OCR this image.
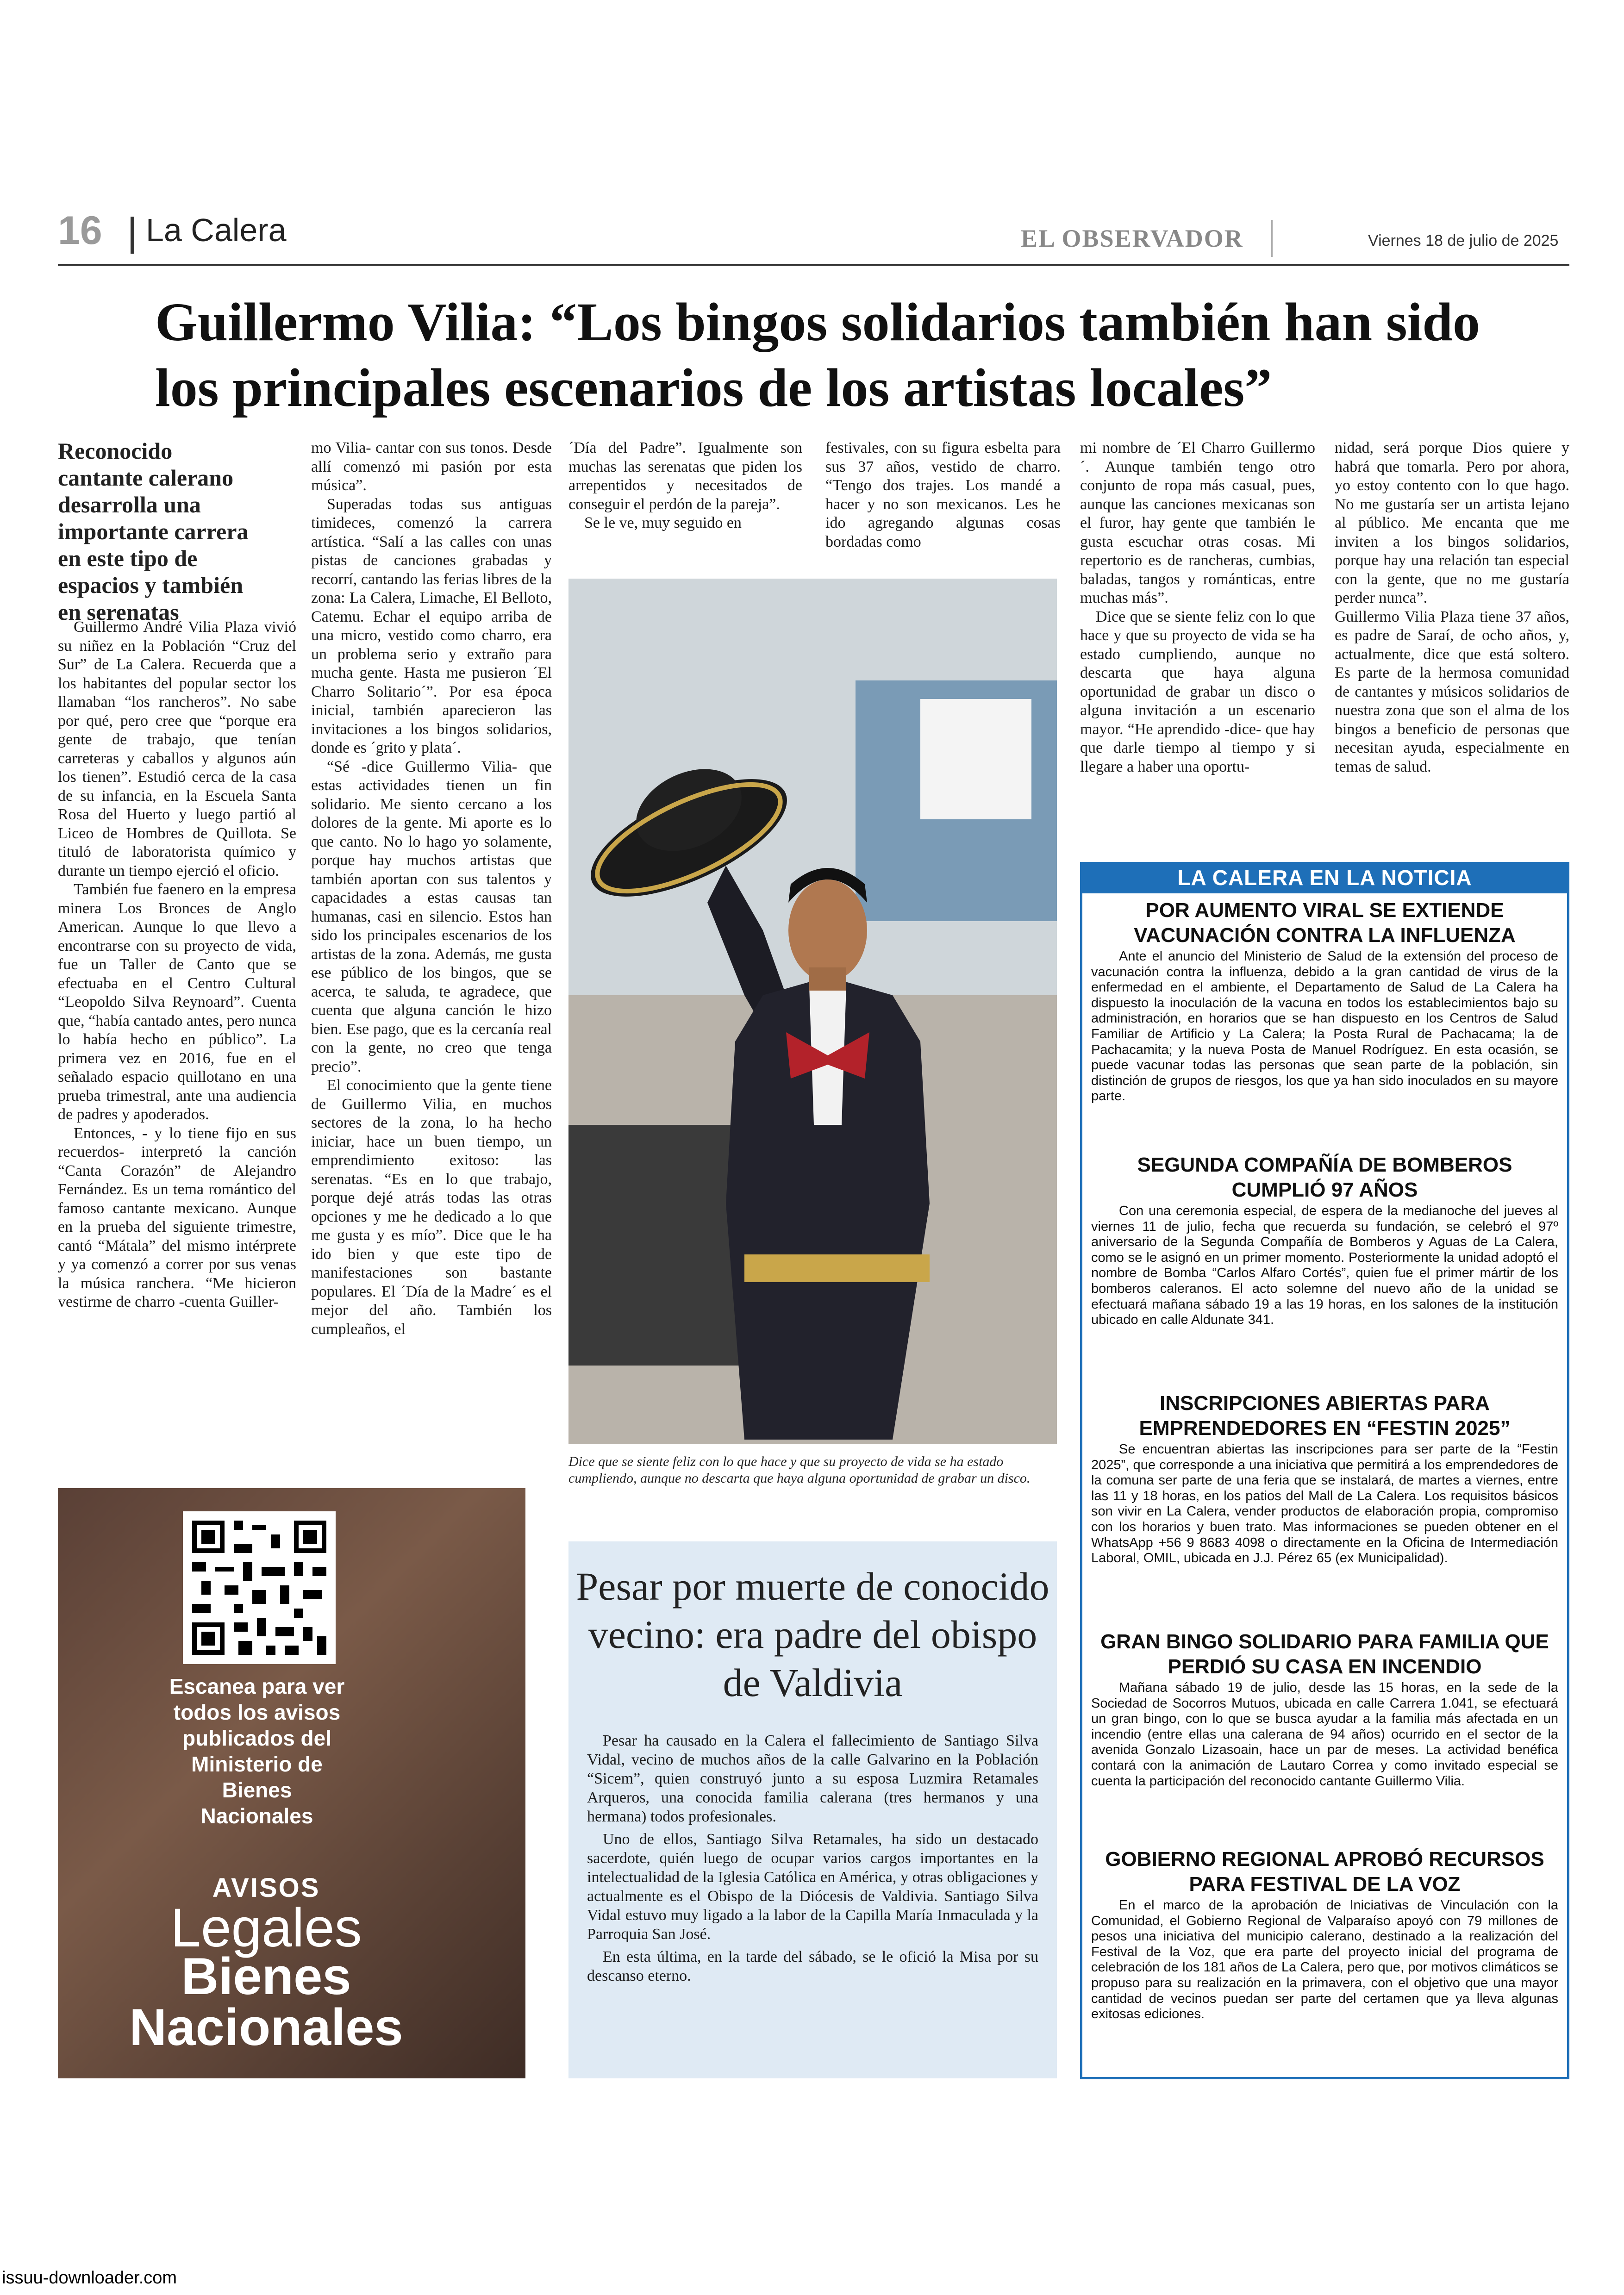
16 La Calera	EL OBSERVADOR	Viernes 18 de julio de 2025
Guillermo Vilia: “Los bingos solidarios también han sido los principales escenarios de los artistas locales”
Reconocido cantante calerano desarrolla una importante carrera en este tipo de espacios y también en serenatas

Guillermo André Vilia Plaza vivió su niñez en la Población “Cruz del Sur” de La Calera. Recuerda que a los habitantes del popular sector los llamaban “los rancheros”. No sabe por qué, pero cree que “porque era gente de trabajo, que tenían carreteras y caballos y algunos aún los tienen”. Estudió cerca de la casa de su infancia, en la Escuela Santa Rosa del Huerto y luego partió al Liceo de Hombres de Quillota. Se tituló de laboratorista químico y durante un tiempo ejerció el oficio.

También fue faenero en la empresa minera Los Bronces de Anglo American. Aunque lo que llevo a encontrarse con su proyecto de vida, fue un Taller de Canto que se efectuaba en el Centro Cultural “Leopoldo Silva Reynoard”. Cuenta que, “había cantado antes, pero nunca lo había hecho en público”. La primera vez en 2016, fue en el señalado espacio quillotano en una prueba trimestral, ante una audiencia de padres y apoderados.

Entonces, - y lo tiene fijo en sus recuerdos- interpretó la canción “Canta Corazón” de Alejandro Fernández. Es un tema romántico del famoso cantante mexicano. Aunque en la prueba del siguiente trimestre, cantó “Mátala” del mismo intérprete y ya comenzó a correr por sus venas la música ranchera. “Me hicieron vestirme de charro -cuenta Guiller-

mo Vilia- cantar con sus tonos. Desde allí comenzó mi pasión por esta música”.

Superadas todas sus antiguas timideces, comenzó la carrera artística. “Salí a las calles con unas pistas de canciones grabadas y recorrí, cantando las ferias libres de la zona: La Calera, Limache, El Belloto, Catemu. Echar el equipo arriba de una micro, vestido como charro, era un problema serio y extraño para mucha gente. Hasta me pusieron ´El Charro Solitario´”. Por esa época inicial, también aparecieron las invitaciones a los bingos solidarios, donde es ´grito y plata´.

“Sé -dice Guillermo Vilia- que estas actividades tienen un fin solidario. Me siento cercano a los dolores de la gente. Mi aporte es lo que canto. No lo hago yo solamente, porque hay muchos artistas que también aportan con sus talentos y capacidades a estas causas tan humanas, casi en silencio. Estos han sido los principales escenarios de los artistas de la zona. Además, me gusta ese público de los bingos, que se acerca, te saluda, te agradece, que cuenta que alguna canción le hizo bien. Ese pago, que es la cercanía real con la gente, no creo que tenga precio”.

El conocimiento que la gente tiene de Guillermo Vilia, en muchos sectores de la zona, lo ha hecho iniciar, hace un buen tiempo, un emprendimiento exitoso: las serenatas. “Es en lo que trabajo, porque dejé atrás todas las otras opciones y me he dedicado a lo que me gusta y es mío”. Dice que le ha ido bien y que este tipo de manifestaciones son bastante populares. El ´Día de la Madre´ es el mejor del año. También los cumpleaños, el

´Día del Padre”. Igualmente son muchas las serenatas que piden los arrepentidos y necesitados de conseguir el perdón de la pareja”.

Se le ve, muy seguido en

festivales, con su figura esbelta para sus 37 años, vestido de charro. “Tengo dos trajes. Los mandé a hacer y no son mexicanos. Les he ido agregando algunas cosas bordadas como

mi nombre de ´El Charro Guillermo´. Aunque también tengo otro conjunto de ropa más casual, pues, aunque las canciones mexicanas son el furor, hay gente que también le gusta escuchar otras cosas. Mi repertorio es de rancheras, cumbias, baladas, tangos y románticas, entre muchas más”.

Dice que se siente feliz con lo que hace y que su proyecto de vida se ha estado cumpliendo, aunque no descarta que haya alguna oportunidad de grabar un disco o alguna invitación a un escenario mayor. “He aprendido -dice- que hay que darle tiempo al tiempo y si llegare a haber una oportu-

nidad, será porque Dios quiere y habrá que tomarla. Pero por ahora, yo estoy contento con lo que hago. No me gustaría ser un artista lejano al público. Me encanta que me inviten a los bingos solidarios, porque hay una relación tan especial con la gente, que no me gustaría perder nunca”.

Guillermo Vilia Plaza tiene 37 años, es padre de Saraí, de ocho años, y, actualmente, dice que está soltero. Es parte de la hermosa comunidad de cantantes y músicos solidarios de nuestra zona que son el alma de los bingos a beneficio de personas que necesitan ayuda, especialmente en temas de salud.

Dice que se siente feliz con lo que hace y que su proyecto de vida se ha estado cumpliendo, aunque no descarta que haya alguna oportunidad de grabar un disco.
Escanea para ver todos los avisos publicados del Ministerio de Bienes Nacionales
AVISOS
Legales
Bienes
Nacionales
Pesar por muerte de conocido vecino: era padre del obispo de Valdivia

Pesar ha causado en la Calera el fallecimiento de Santiago Silva Vidal, vecino de muchos años de la calle Galvarino en la Población “Sicem”, quien construyó junto a su esposa Luzmira Retamales Arqueros, una conocida familia calerana (tres hermanos y una hermana) todos profesionales.

Uno de ellos, Santiago Silva Retamales, ha sido un destacado sacerdote, quién luego de ocupar varios cargos importantes en la intelectualidad de la Iglesia Católica en América, y otras obligaciones y actualmente es el Obispo de la Diócesis de Valdivia. Santiago Silva Vidal estuvo muy ligado a la labor de la Capilla María Inmaculada y la Parroquia San José.

En esta última, en la tarde del sábado, se le ofició la Misa por su descanso eterno.

LA CALERA EN LA NOTICIA
POR AUMENTO VIRAL SE EXTIENDE VACUNACIÓN CONTRA LA INFLUENZA

Ante el anuncio del Ministerio de Salud de la extensión del proceso de vacunación contra la influenza, debido a la gran cantidad de virus de la enfermedad en el ambiente, el Departamento de Salud de La Calera ha dispuesto la inoculación de la vacuna en todos los establecimientos bajo su administración, en horarios que se han dispuesto en los Centros de Salud Familiar de Artificio y La Calera; la Posta Rural de Pachacama; la de Pachacamita; y la nueva Posta de Manuel Rodríguez. En esta ocasión, se puede vacunar todas las personas que sean parte de la población, sin distinción de grupos de riesgos, los que ya han sido inoculados en su mayore parte.

SEGUNDA COMPAÑÍA DE BOMBEROS CUMPLIÓ 97 AÑOS

Con una ceremonia especial, de espera de la medianoche del jueves al viernes 11 de julio, fecha que recuerda su fundación, se celebró el 97º aniversario de la Segunda Compañía de Bomberos y Aguas de La Calera, como se le asignó en un primer momento. Posteriormente la unidad adoptó el nombre de Bomba “Carlos Alfaro Cortés”, quien fue el primer mártir de los bomberos caleranos. El acto solemne del nuevo año de la unidad se efectuará mañana sábado 19 a las 19 horas, en los salones de la institución ubicado en calle Aldunate 341.

INSCRIPCIONES ABIERTAS PARA EMPRENDEDORES EN “FESTIN 2025”

Se encuentran abiertas las inscripciones para ser parte de la “Festin 2025”, que corresponde a una iniciativa que permitirá a los emprendedores de la comuna ser parte de una feria que se instalará, de martes a viernes, entre las 11 y 18 horas, en los patios del Mall de La Calera. Los requisitos básicos son vivir en La Calera, vender productos de elaboración propia, compromiso con los horarios y buen trato. Mas informaciones se pueden obtener en el WhatsApp +56 9 8683 4098 o directamente en la Oficina de Intermediación Laboral, OMIL, ubicada en J.J. Pérez 65 (ex Municipalidad).

GRAN BINGO SOLIDARIO PARA FAMILIA QUE PERDIÓ SU CASA EN INCENDIO

Mañana sábado 19 de julio, desde las 15 horas, en la sede de la Sociedad de Socorros Mutuos, ubicada en calle Carrera 1.041, se efectuará un gran bingo, con lo que se busca ayudar a la familia más afectada en un incendio (entre ellas una calerana de 94 años) ocurrido en el sector de la avenida Gonzalo Lizasoain, hace un par de meses. La actividad benéfica contará con la animación de Lautaro Correa y como invitado especial se cuenta la participación del reconocido cantante Guillermo Vilia.

GOBIERNO REGIONAL APROBÓ RECURSOS PARA FESTIVAL DE LA VOZ

En el marco de la aprobación de Iniciativas de Vinculación con la Comunidad, el Gobierno Regional de Valparaíso apoyó con 79 millones de pesos una iniciativa del municipio calerano, destinado a la realización del Festival de la Voz, que era parte del proyecto inicial del programa de celebración de los 181 años de La Calera, pero que, por motivos climáticos se propuso para su realización en la primavera, con el objetivo que una mayor cantidad de vecinos puedan ser parte del certamen que ya lleva algunas exitosas ediciones.

issuu-downloader.com
